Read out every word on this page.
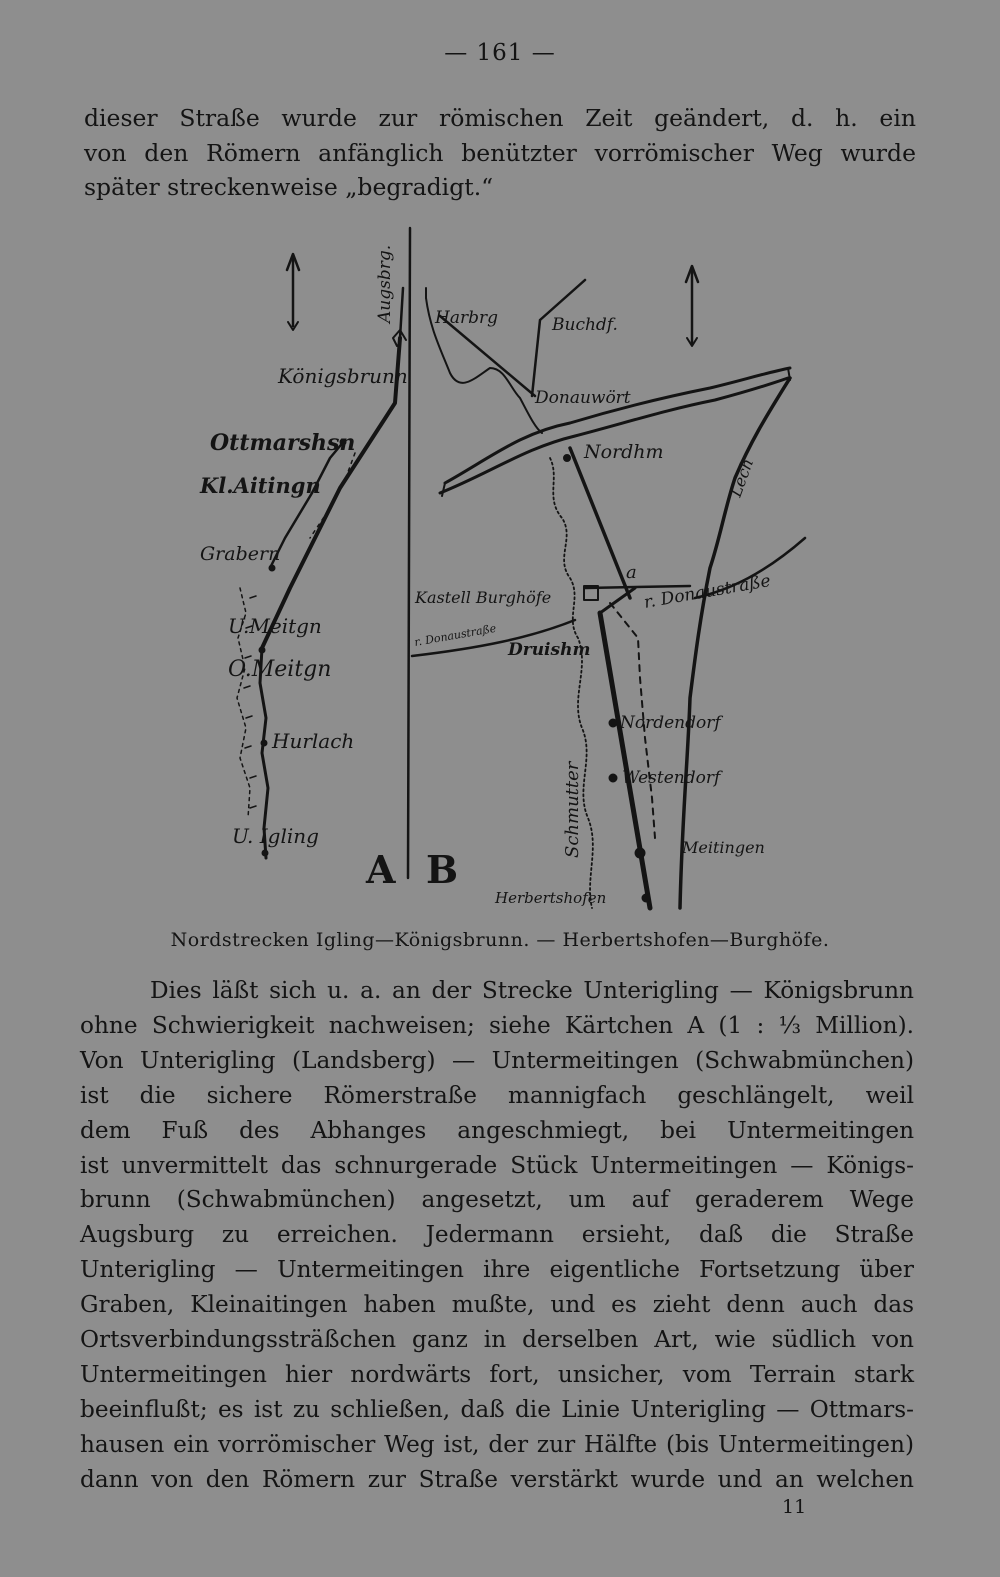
— 161 —

dieser Straße wurde zur römischen Zeit geändert, d. h. ein
von den Römern anfänglich benützter vorrömischer Weg wurde
später streckenweise „begradigt.“

Augsbrg.
Königsbrunn
Ottmarshsn
Kl.Aitingn
Grabern
U.Meitgn
O.Meitgn
Hurlach
U. Igling
A
Harbrg	Buchdf.
Donauwört
Nordhm
Lech
Kastell Burghöfe
a
r. Donaustraße
r. Donaustraße
Druishm
Nordendorf
Westendorf
Meitingen
Schmutter
Herbertshofen
B
Nordstrecken Igling—Königsbrunn. — Herbertshofen—Burghöfe.

Dies läßt sich u. a. an der Strecke Unterigling — Königsbrunn
ohne Schwierigkeit nachweisen; siehe Kärtchen A (1 : ⅓ Million).
Von Unterigling (Landsberg) — Untermeitingen (Schwabmünchen)
ist die sichere Römerstraße mannigfach geschlängelt, weil
dem Fuß des Abhanges angeschmiegt, bei Untermeitingen
ist unvermittelt das schnurgerade Stück Untermeitingen — Königs-
brunn (Schwabmünchen) angesetzt, um auf geraderem Wege
Augsburg zu erreichen. Jedermann ersieht, daß die Straße
Unterigling — Untermeitingen ihre eigentliche Fortsetzung über
Graben, Kleinaitingen haben mußte, und es zieht denn auch das
Ortsverbindungssträßchen ganz in derselben Art, wie südlich von
Untermeitingen hier nordwärts fort, unsicher, vom Terrain stark
beeinflußt; es ist zu schließen, daß die Linie Unterigling — Ottmars-
hausen ein vorrömischer Weg ist, der zur Hälfte (bis Untermeitingen)
dann von den Römern zur Straße verstärkt wurde und an welchen

11
